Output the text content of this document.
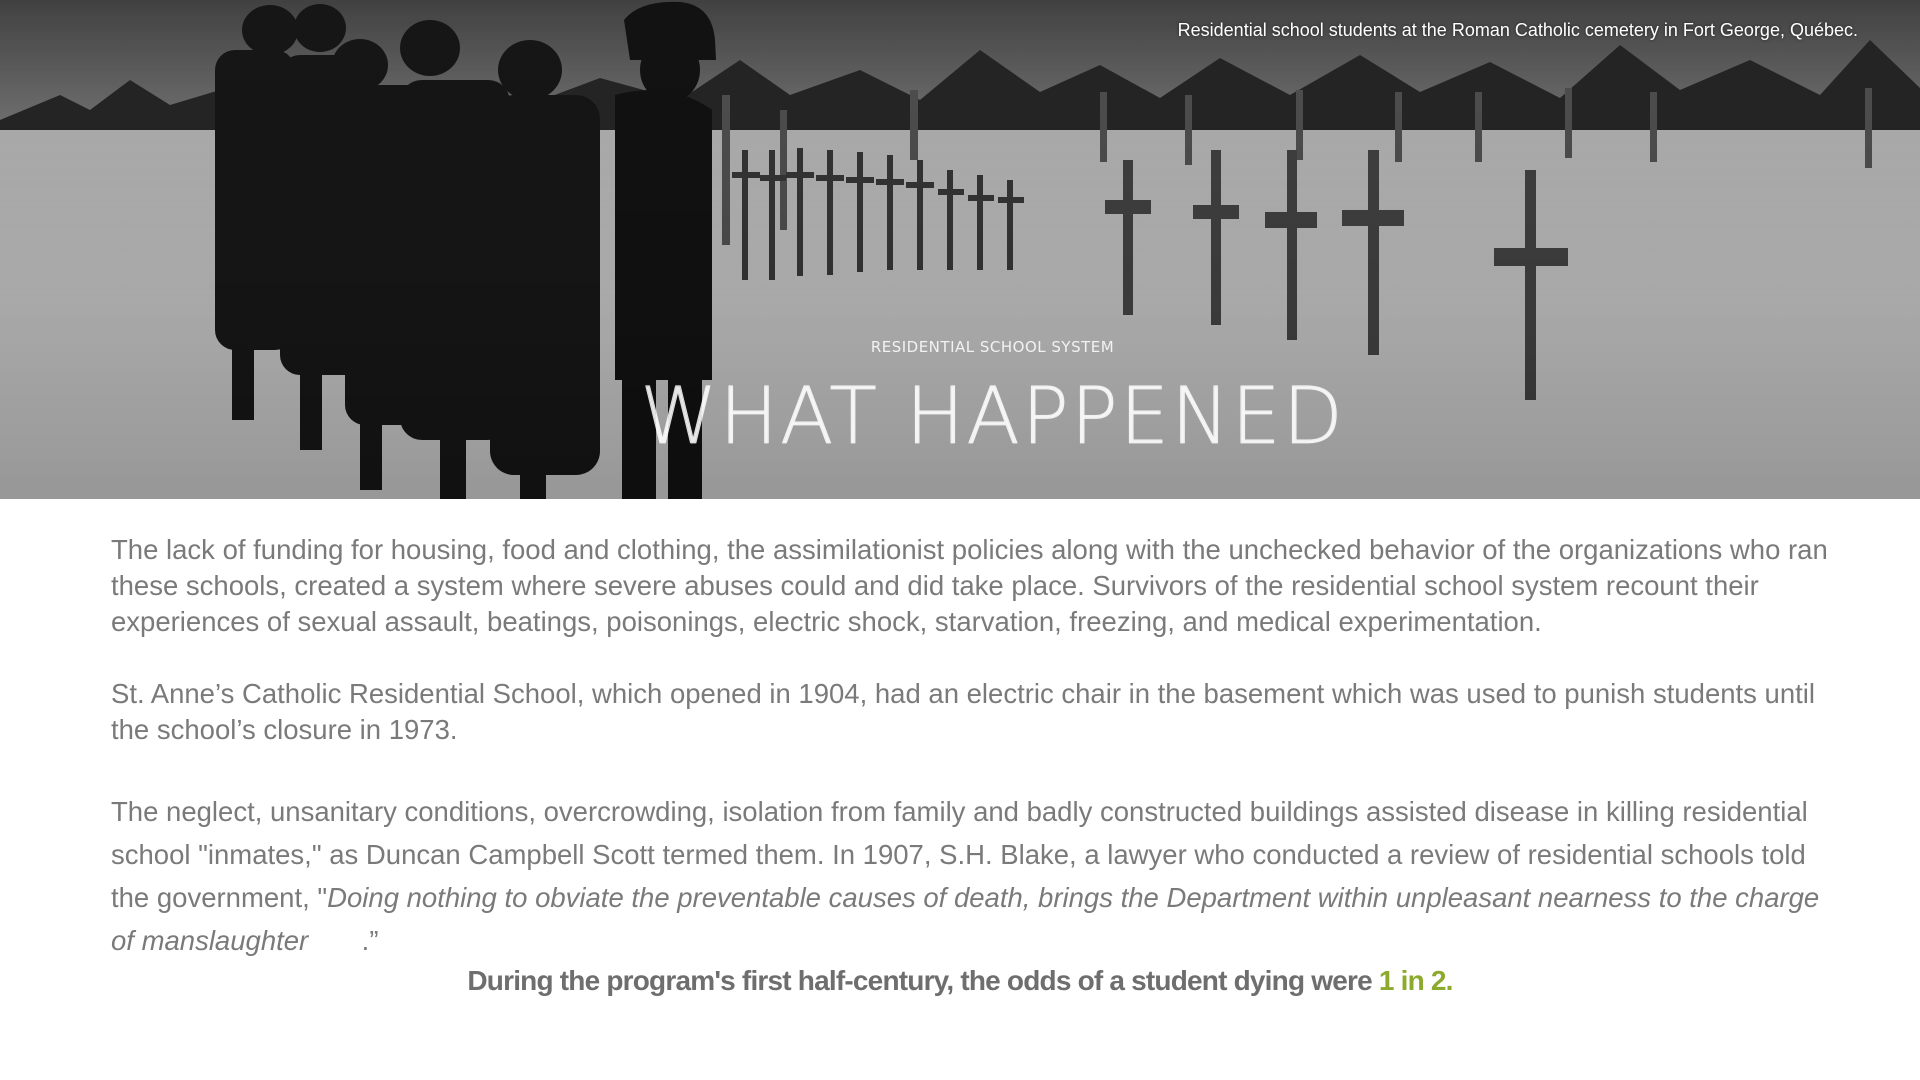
Residential school students at the Roman Catholic cemetery in Fort George, Québec.
RESIDENTIAL SCHOOL SYSTEM
WHAT HAPPENED

The lack of funding for housing, food and clothing, the assimilationist policies along with the unchecked behavior of the organizations who ran these schools, created a system where severe abuses could and did take place. Survivors of the residential school system recount their experiences of sexual assault, beatings, poisonings, electric shock, starvation, freezing, and medical experimentation.

St. Anne’s Catholic Residential School, which opened in 1904, had an electric chair in the basement which was used to punish students until the school’s closure in 1973.

The neglect, unsanitary conditions, overcrowding, isolation from family and badly constructed buildings assisted disease in killing residential school "inmates," as Duncan Campbell Scott termed them. In 1907, S.H. Blake, a lawyer who conducted a review of residential schools told the government, "Doing nothing to obviate the preventable causes of death, brings the Department within unpleasant nearness to the charge of manslaughter       .”

During the program's first half-century, the odds of a student dying were 1 in 2.
